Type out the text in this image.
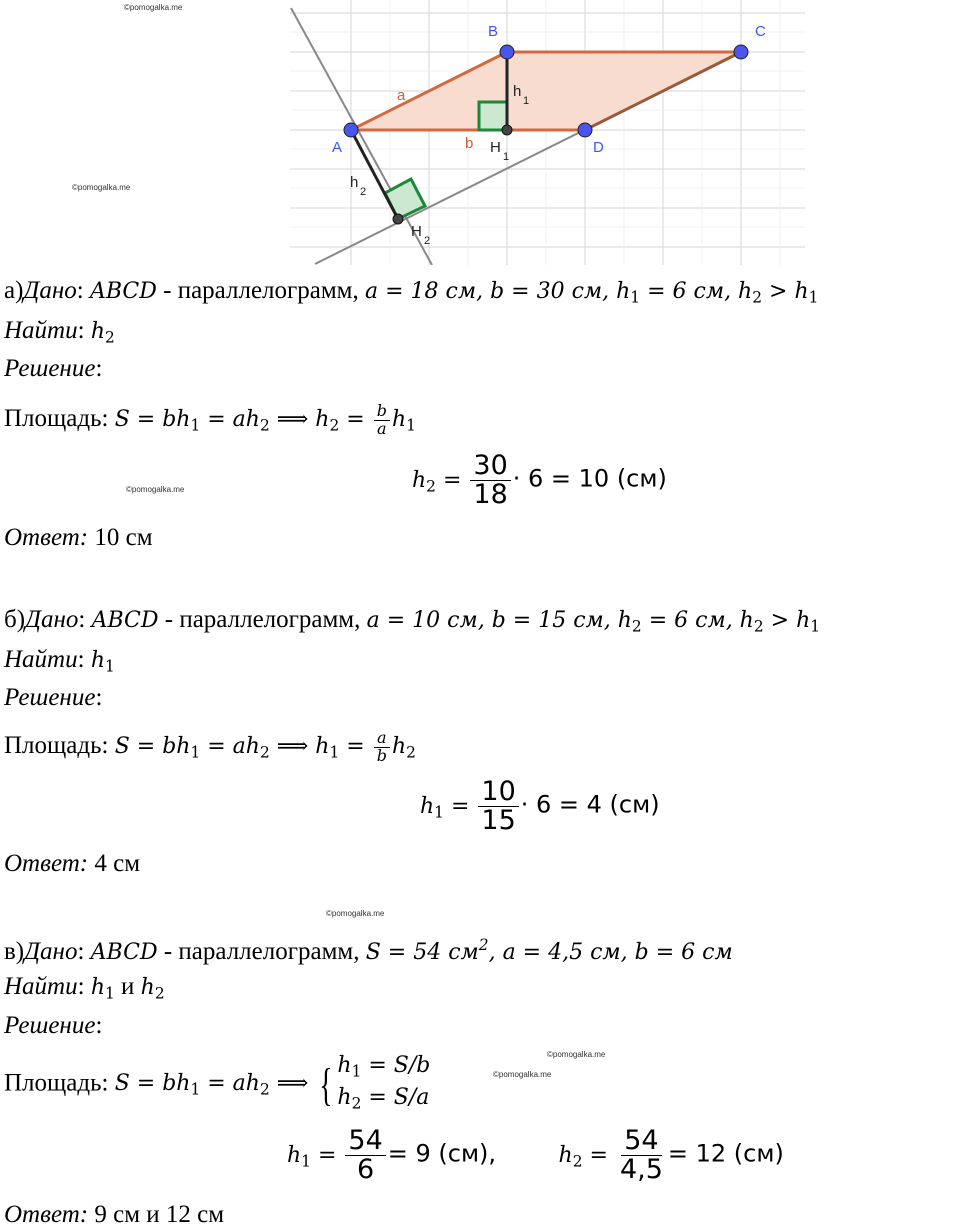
©pomogalka.me
©pomogalka.me
©pomogalka.me
©pomogalka.me
©pomogalka.me
©pomogalka.me
A
B	C
D
a
b
h
1
h
2
H
1
H
2
а)Дано: ABCD - параллелограмм, a = 18 см, b = 30 см, $h_1 = 6$ см, $h_2 > h_1$
Найти: $h_2$
Решение:
Площадь: $S = bh_1 = ah_2$ ⟹ $h_2 = \frac{b}{a} h_1$
$h_2 = \frac{30}{18} \cdot 6 = 10$ (см)
Ответ: 10 см
б)Дано: ABCD - параллелограмм, a = 10 см, b = 15 см, $h_2 = 6$ см, $h_2 > h_1$
Найти: $h_1$
Решение:
Площадь: $S = bh_1 = ah_2$ ⟹ $h_1 = \frac{a}{b} h_2$
$h_1 = \frac{10}{15} \cdot 6 = 4$ (см)
Ответ: 4 см
в)Дано: ABCD - параллелограмм, S = 54 $см^2$, a = 4,5 см, b = 6 см
Найти: $h_1$ и $h_2$
Решение:
Площадь: $S = bh_1 = ah_2$ ⟹ { $h_1 = S/b$
$h_2 = S/a$
$h_1 = \frac{54}{6} = 9$ (см),	$h_2 = \frac{54}{4,5} = 12$ (см)
Ответ: 9 см и 12 см
